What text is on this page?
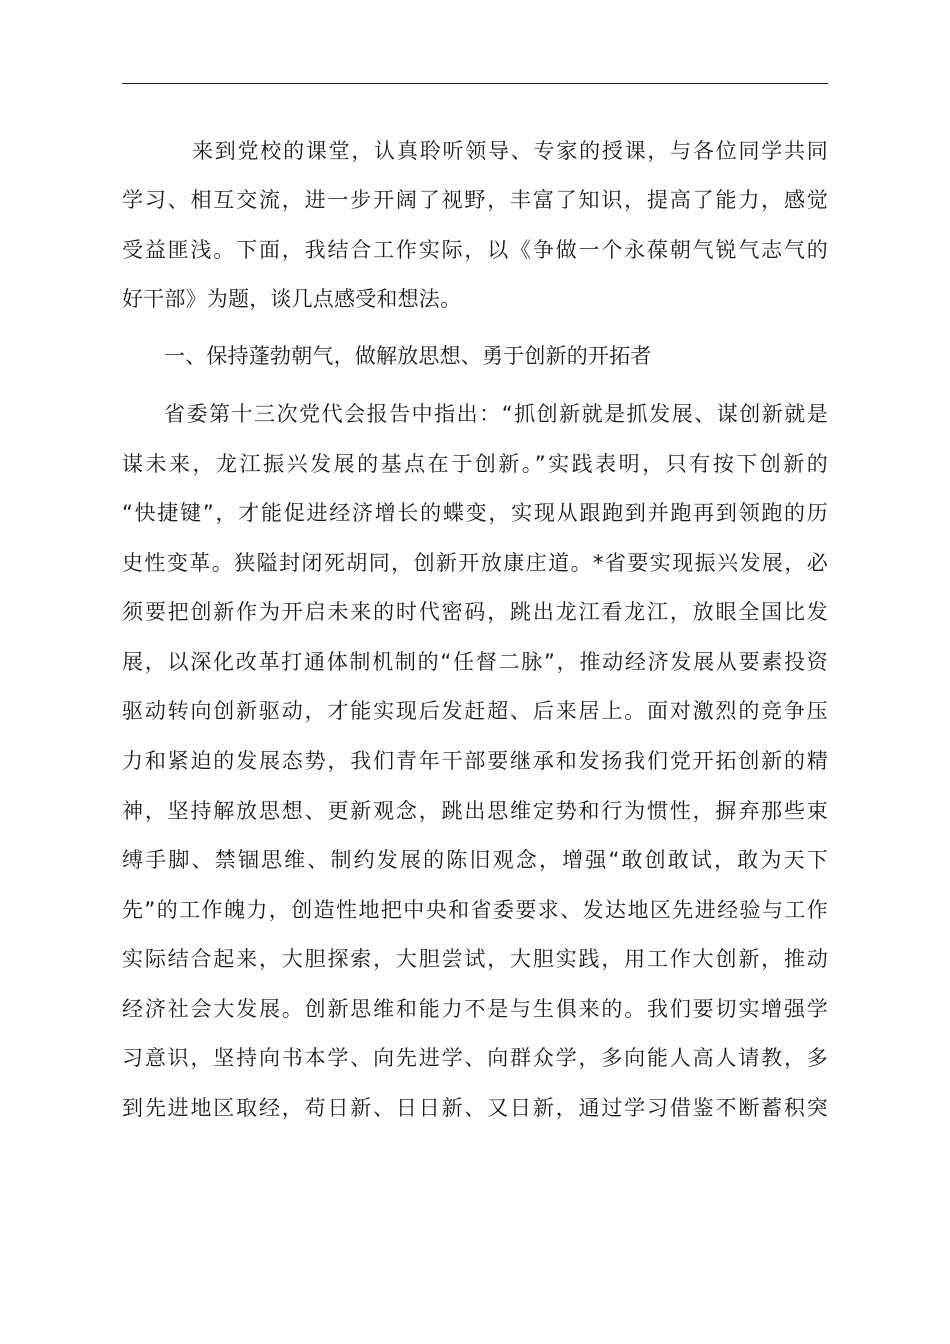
来到党校的课堂，认真聆听领导、专家的授课，与各位同学共同
学习、相互交流，进一步开阔了视野，丰富了知识，提高了能力，感觉
受益匪浅。下面，我结合工作实际，以《争做一个永葆朝气锐气志气的
好干部》为题，谈几点感受和想法。
一、保持蓬勃朝气，做解放思想、勇于创新的开拓者
省委第十三次党代会报告中指出：“抓创新就是抓发展、谋创新就是
谋未来，龙江振兴发展的基点在于创新。”实践表明，只有按下创新的
“快捷键”，才能促进经济增长的蝶变，实现从跟跑到并跑再到领跑的历
史性变革。狭隘封闭死胡同，创新开放康庄道。*省要实现振兴发展，必
须要把创新作为开启未来的时代密码，跳出龙江看龙江，放眼全国比发
展，以深化改革打通体制机制的“任督二脉”，推动经济发展从要素投资
驱动转向创新驱动，才能实现后发赶超、后来居上。面对激烈的竞争压
力和紧迫的发展态势，我们青年干部要继承和发扬我们党开拓创新的精
神，坚持解放思想、更新观念，跳出思维定势和行为惯性，摒弃那些束
缚手脚、禁锢思维、制约发展的陈旧观念，增强“敢创敢试，敢为天下
先”的工作魄力，创造性地把中央和省委要求、发达地区先进经验与工作
实际结合起来，大胆探索，大胆尝试，大胆实践，用工作大创新，推动
经济社会大发展。创新思维和能力不是与生俱来的。我们要切实增强学
习意识，坚持向书本学、向先进学、向群众学，多向能人高人请教，多
到先进地区取经，苟日新、日日新、又日新，通过学习借鉴不断蓄积突
